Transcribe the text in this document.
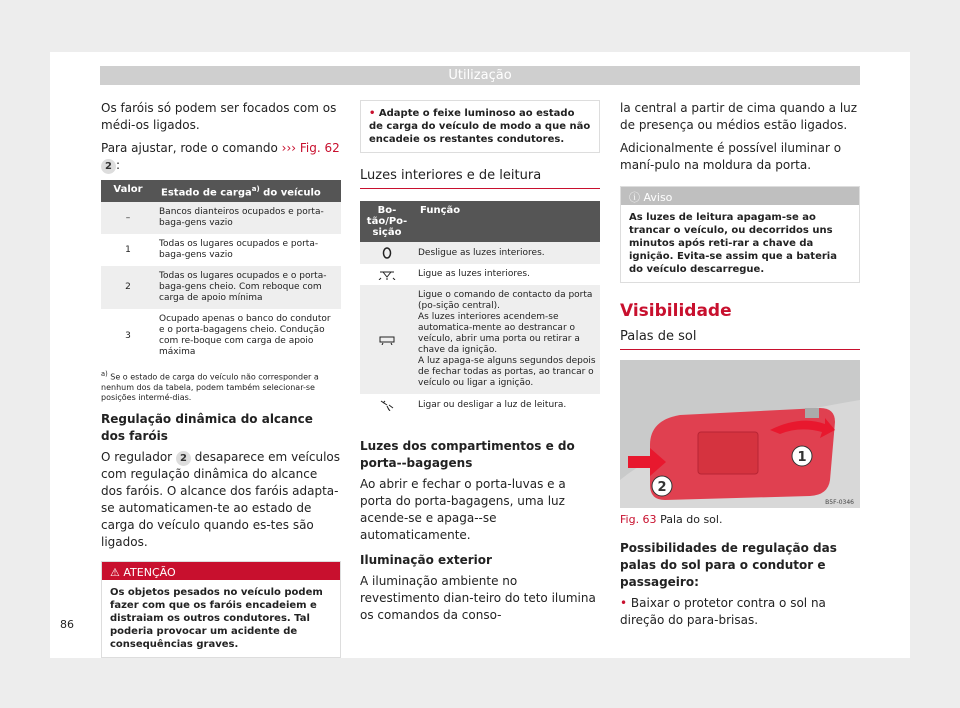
Utilização

Os faróis só podem ser focados com os médi-os ligados.

Para ajustar, rode o comando ››› Fig. 62 2 :

Valor	Estado de carga$^{a)}$ do veículo
–	Bancos dianteiros ocupados e porta-baga-gens vazio
1	Todas os lugares ocupados e porta-baga-gens vazio
2	Todas os lugares ocupados e o porta-baga-gens cheio. Com reboque com carga de apoio mínima
3	Ocupado apenas o banco do condutor e o porta-bagagens cheio. Condução com re-boque com carga de apoio máxima
$^{a)}$ Se o estado de carga do veículo não corresponder a nenhum dos da tabela, podem também selecionar-se posições intermé-dias.
Regulação dinâmica do alcance dos faróis

O regulador 2 desaparece em veículos com regulação dinâmica do alcance dos faróis. O alcance dos faróis adapta-se automaticamen-te ao estado de carga do veículo quando es-tes são ligados.

⚠ ATENÇÃO
Os objetos pesados no veículo podem fazer com que os faróis encadeiem e distraiam os outros condutores. Tal poderia provocar um acidente de consequências graves.
• Adapte o feixe luminoso ao estado de carga do veículo de modo a que não encadeie os restantes condutores.
Luzes interiores e de leitura
Bo-tão/Po-sição	Função

	Desligue as luzes interiores.

	Ligue as luzes interiores.

	Ligue o comando de contacto da porta (po-sição central).
As luzes interiores acendem-se automatica-mente ao destrancar o veículo, abrir uma porta ou retirar a chave da ignição.
A luz apaga-se alguns segundos depois de fechar todas as portas, ao trancar o veículo ou ligar a ignição.

	Ligar ou desligar a luz de leitura.
Luzes dos compartimentos e do porta--bagagens

Ao abrir e fechar o porta-luvas e a porta do porta-bagagens, uma luz acende-se e apaga--se automaticamente.

Iluminação exterior

A iluminação ambiente no revestimento dian-teiro do teto ilumina os comandos da conso-

la central a partir de cima quando a luz de presença ou médios estão ligados.

Adicionalmente é possível iluminar o maní-pulo na moldura da porta.

ⓘ Aviso
As luzes de leitura apagam-se ao trancar o veículo, ou decorridos uns minutos após reti-rar a chave da ignição. Evita-se assim que a bateria do veículo descarregue.
Visibilidade
Palas de sol
2
1
B5F-0346
Fig. 63 Pala do sol.
Possibilidades de regulação das palas do sol para o condutor e passageiro:

• Baixar o protetor contra o sol na direção do para-brisas.

86
